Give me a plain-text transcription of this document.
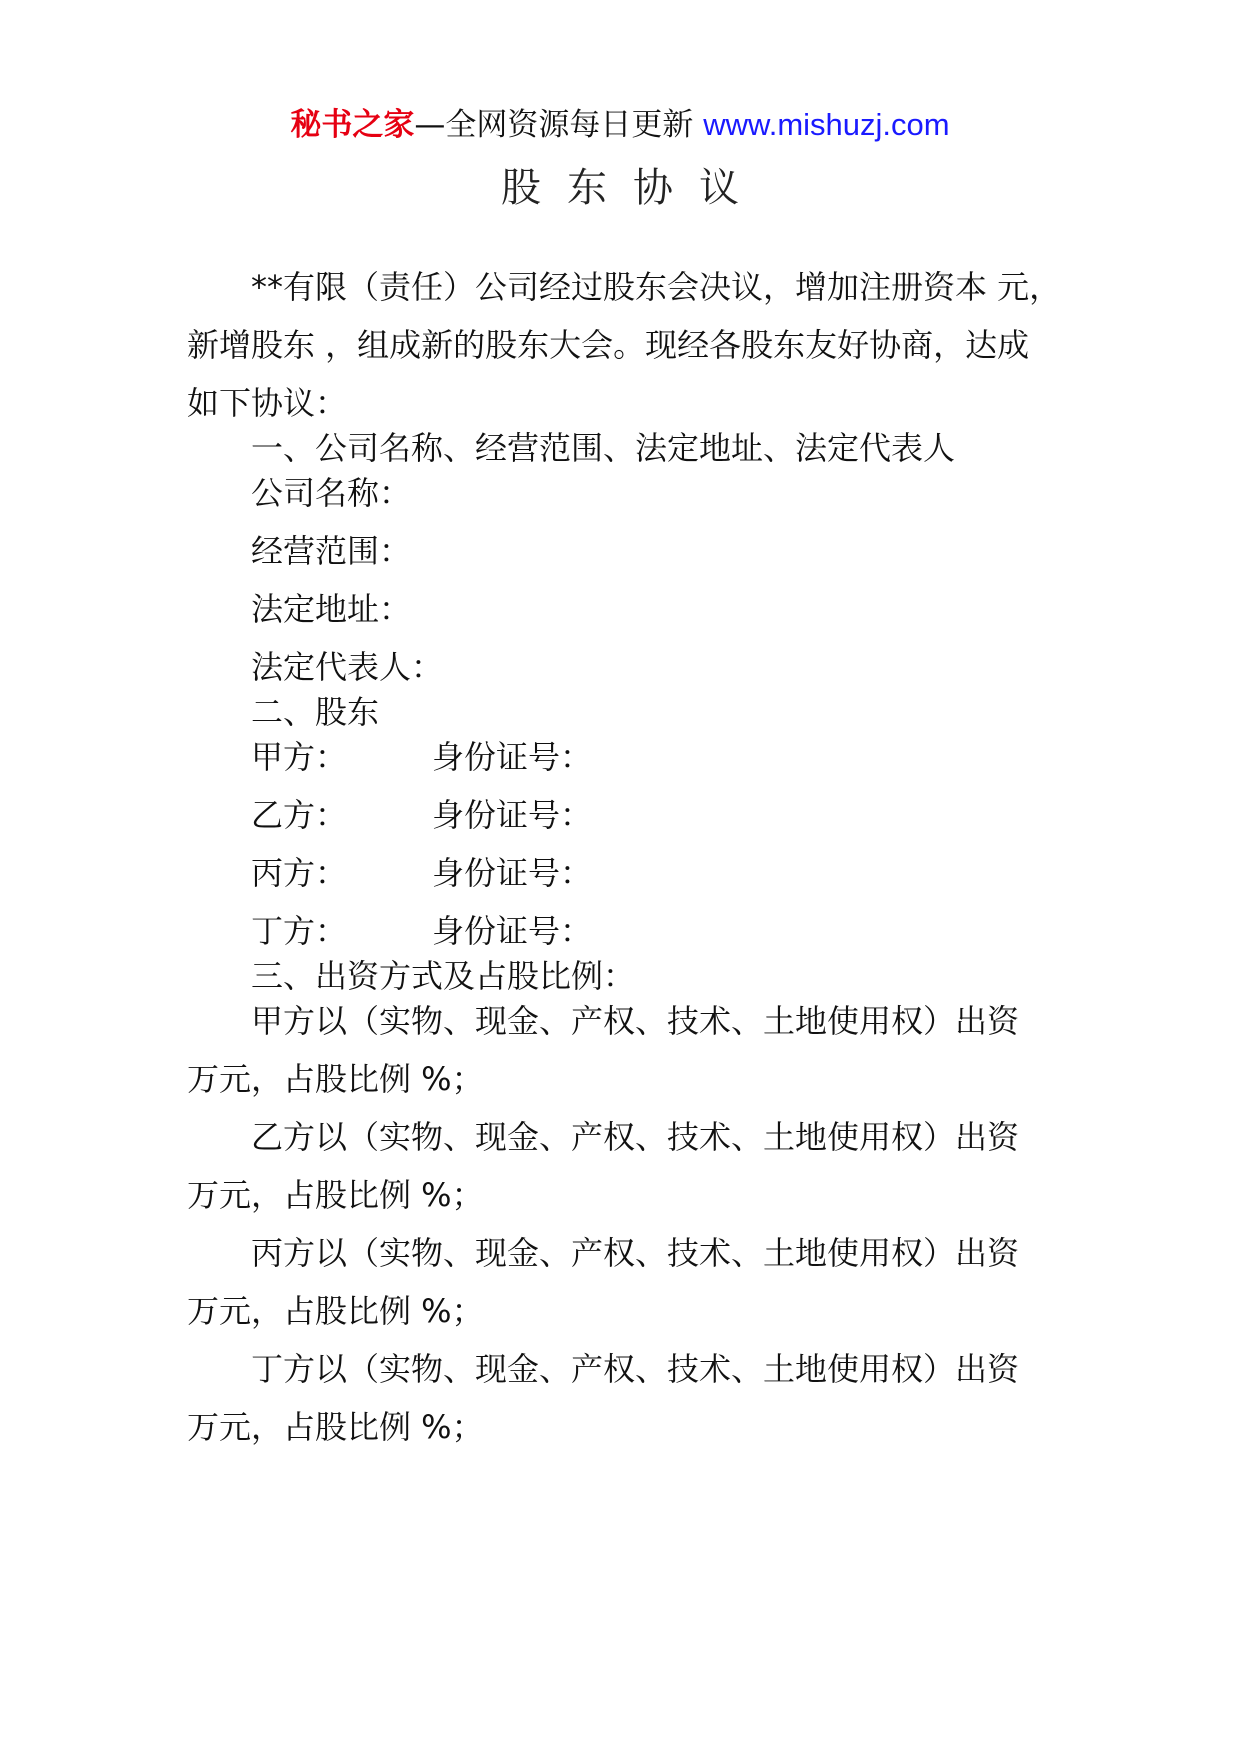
秘书之家—全网资源每日更新 www.mishuzj.com
股东协议
**有限（责任）公司经过股东会决议，增加注册资本 元，
新增股东 ，组成新的股东大会。现经各股东友好协商，达成
如下协议：
一、公司名称、经营范围、法定地址、法定代表人
公司名称：
经营范围：
法定地址：
法定代表人：
二、股东
甲方：	身份证号：
乙方：	身份证号：
丙方：	身份证号：
丁方：	身份证号：
三、出资方式及占股比例：
甲方以（实物、现金、产权、技术、土地使用权）出资
万元，占股比例 %；
乙方以（实物、现金、产权、技术、土地使用权）出资
万元，占股比例 %；
丙方以（实物、现金、产权、技术、土地使用权）出资
万元，占股比例 %；
丁方以（实物、现金、产权、技术、土地使用权）出资
万元，占股比例 %；
